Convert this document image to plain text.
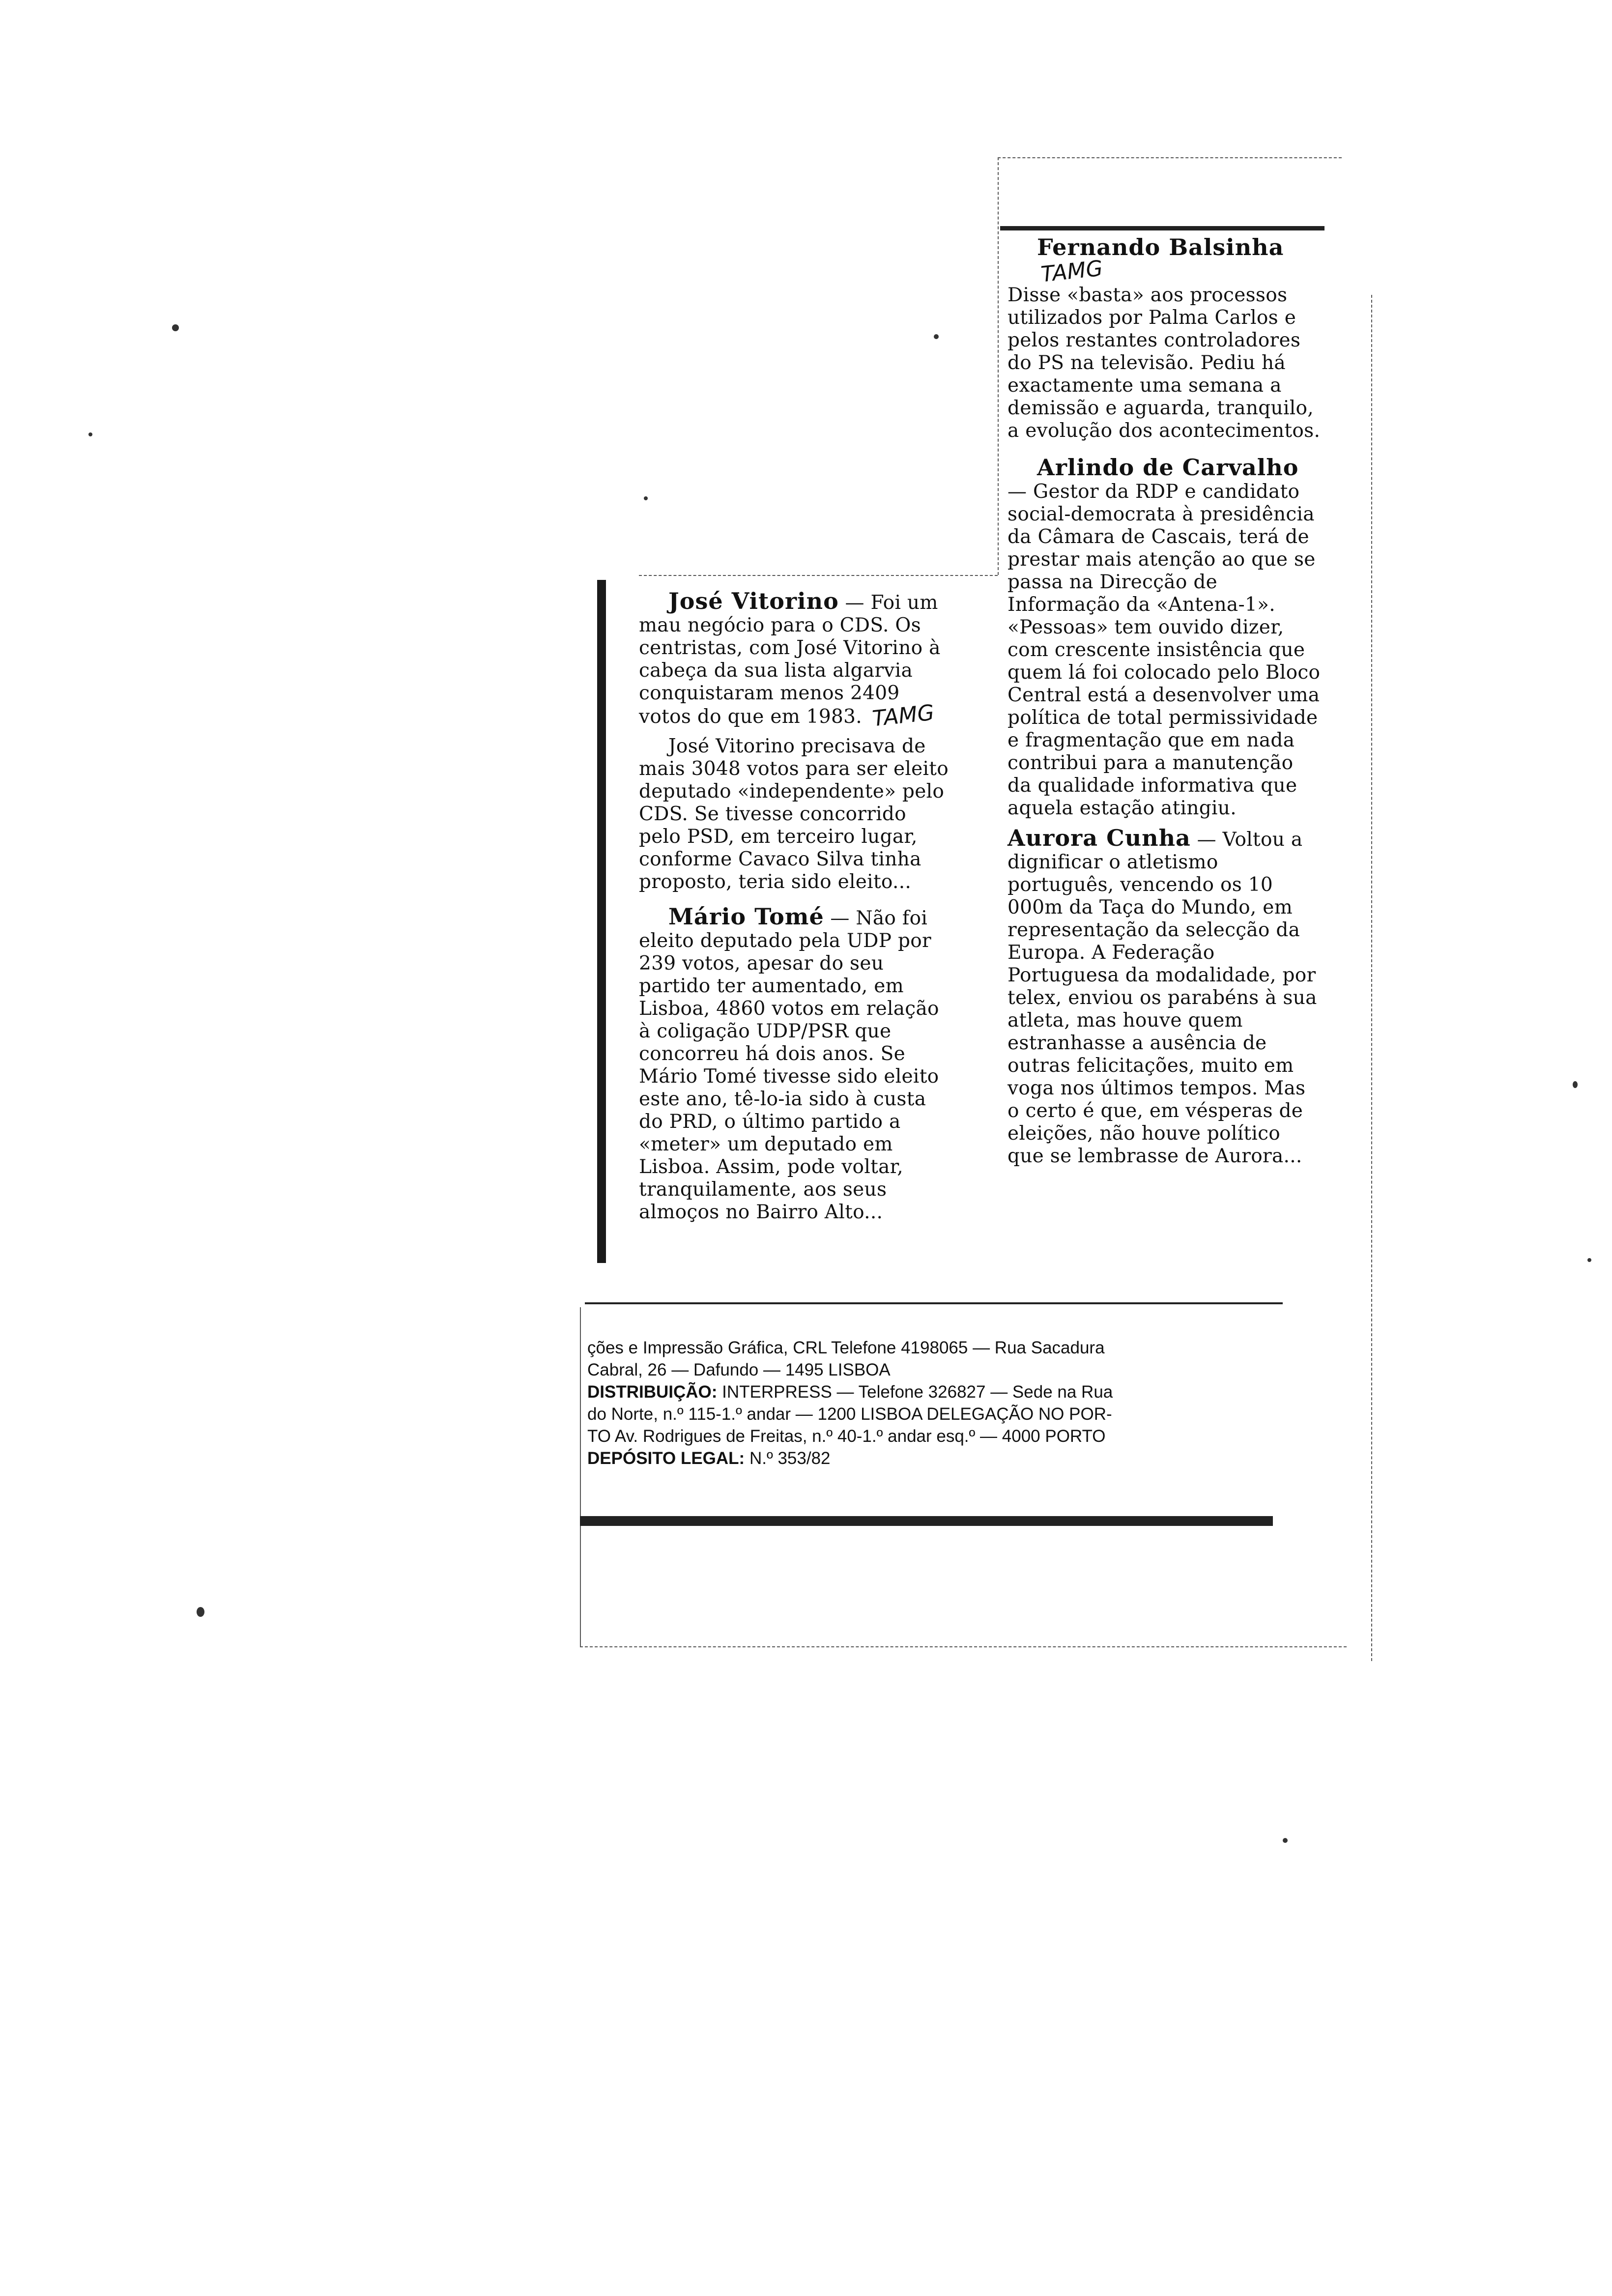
Fernando Balsinha TAMG

Disse «basta» aos processos utilizados por Palma Carlos e pelos restantes controladores do PS na televisão. Pediu há exactamente uma semana a demissão e aguarda, tranquilo, a evolução dos acontecimentos.

Arlindo de Carvalho

— Gestor da RDP e candidato social-democrata à presidência da Câmara de Cascais, terá de prestar mais atenção ao que se passa na Direcção de Informação da «Antena-1». «Pessoas» tem ouvido dizer, com crescente insistência que quem lá foi colocado pelo Bloco Central está a desenvolver uma política de total permissividade e fragmentação que em nada contribui para a manutenção da qualidade informativa que aquela estação atingiu.

Aurora Cunha — Voltou a dignificar o atletismo português, vencendo os 10 000m da Taça do Mundo, em representação da selecção da Europa. A Federação Portuguesa da modalidade, por telex, enviou os parabéns à sua atleta, mas houve quem estranhasse a ausência de outras felicitações, muito em voga nos últimos tempos. Mas o certo é que, em vésperas de eleições, não houve político que se lembrasse de Aurora...

José Vitorino — Foi um mau negócio para o CDS. Os centristas, com José Vitorino à cabeça da sua lista algarvia conquistaram menos 2409 votos do que em 1983. TAMG

José Vitorino precisava de mais 3048 votos para ser eleito deputado «independente» pelo CDS. Se tivesse concorrido pelo PSD, em terceiro lugar, conforme Cavaco Silva tinha proposto, teria sido eleito...

Mário Tomé — Não foi eleito deputado pela UDP por 239 votos, apesar do seu partido ter aumentado, em Lisboa, 4860 votos em relação à coligação UDP/PSR que concorreu há dois anos. Se Mário Tomé tivesse sido eleito este ano, tê-lo-ia sido à custa do PRD, o último partido a «meter» um deputado em Lisboa. Assim, pode voltar, tranquilamente, aos seus almoços no Bairro Alto...

ções e Impressão Gráfica, CRL Telefone 4198065 — Rua Sacadura
Cabral, 26 — Dafundo — 1495 LISBOA
DISTRIBUIÇÃO: INTERPRESS — Telefone 326827 — Sede na Rua
do Norte, n.º 115-1.º andar — 1200 LISBOA DELEGAÇÃO NO POR-
TO Av. Rodrigues de Freitas, n.º 40-1.º andar esq.º — 4000 PORTO
DEPÓSITO LEGAL: N.º 353/82
